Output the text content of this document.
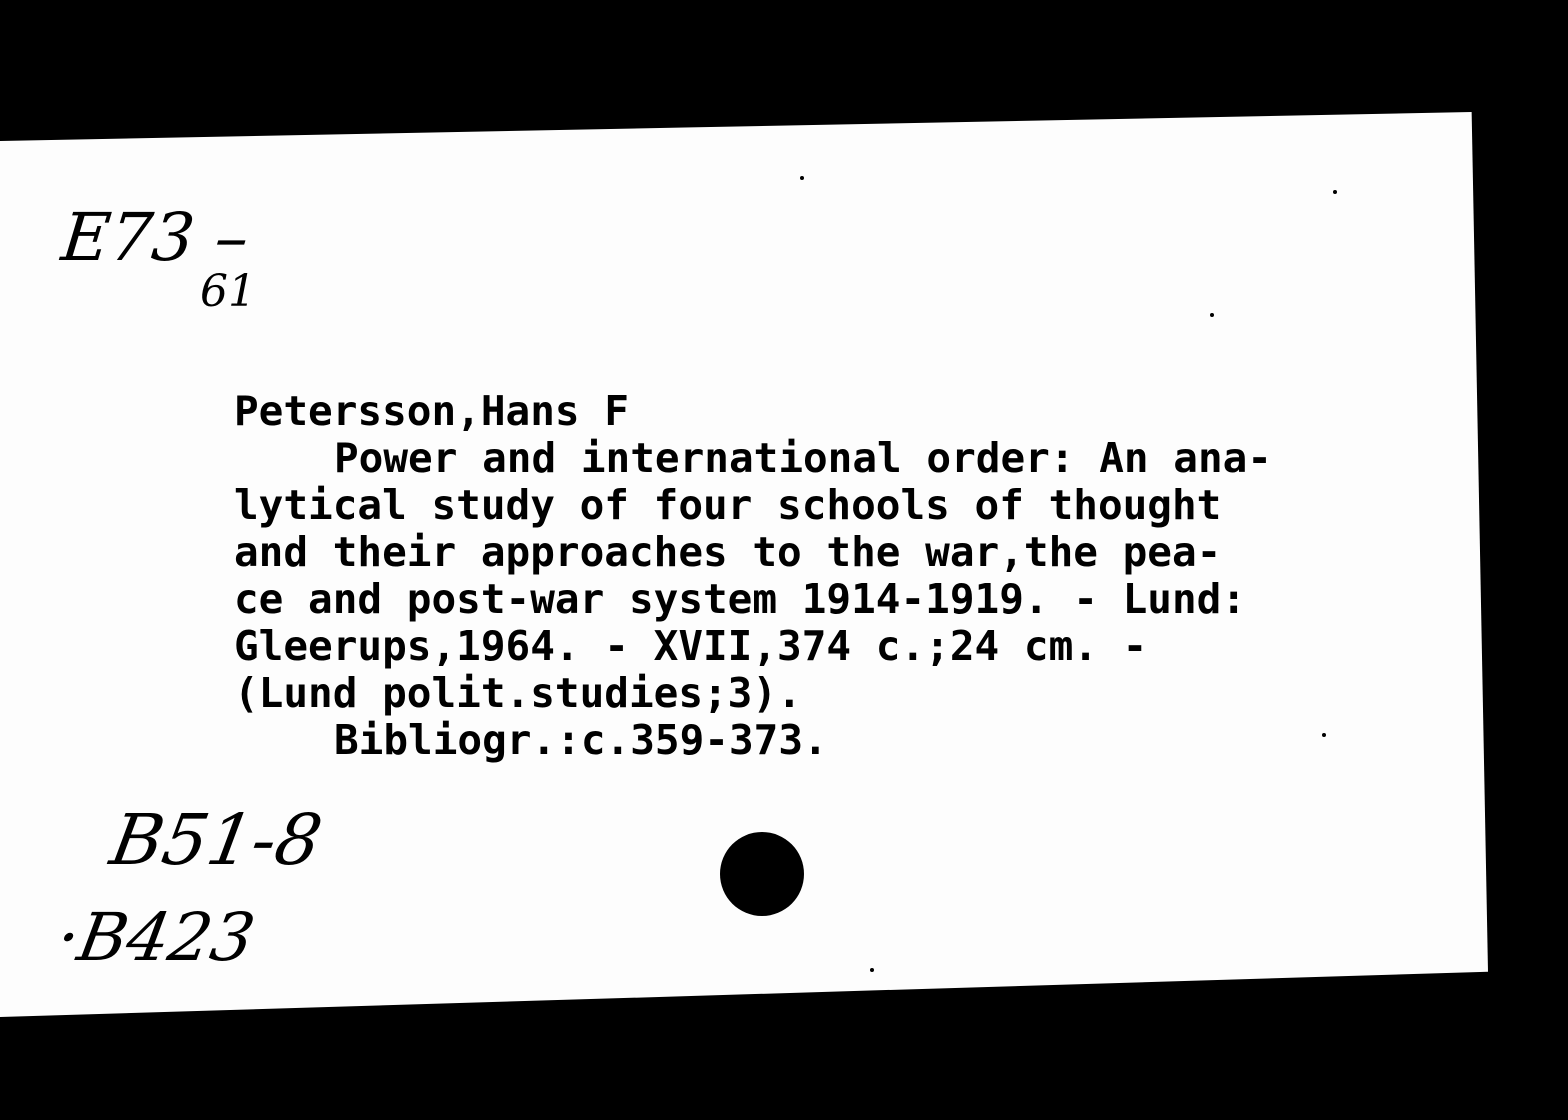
E73 –
61
Petersson,Hans F
Power and international order: An ana-
lytical study of four schools of thought
and their approaches to the war,the pea-
ce and post-war system 1914-1919. - Lund:
Gleerups,1964. - XVII,374 c.;24 cm. -
(Lund polit.studies;3).
Bibliogr.:c.359-373.
B51-8
·B423
